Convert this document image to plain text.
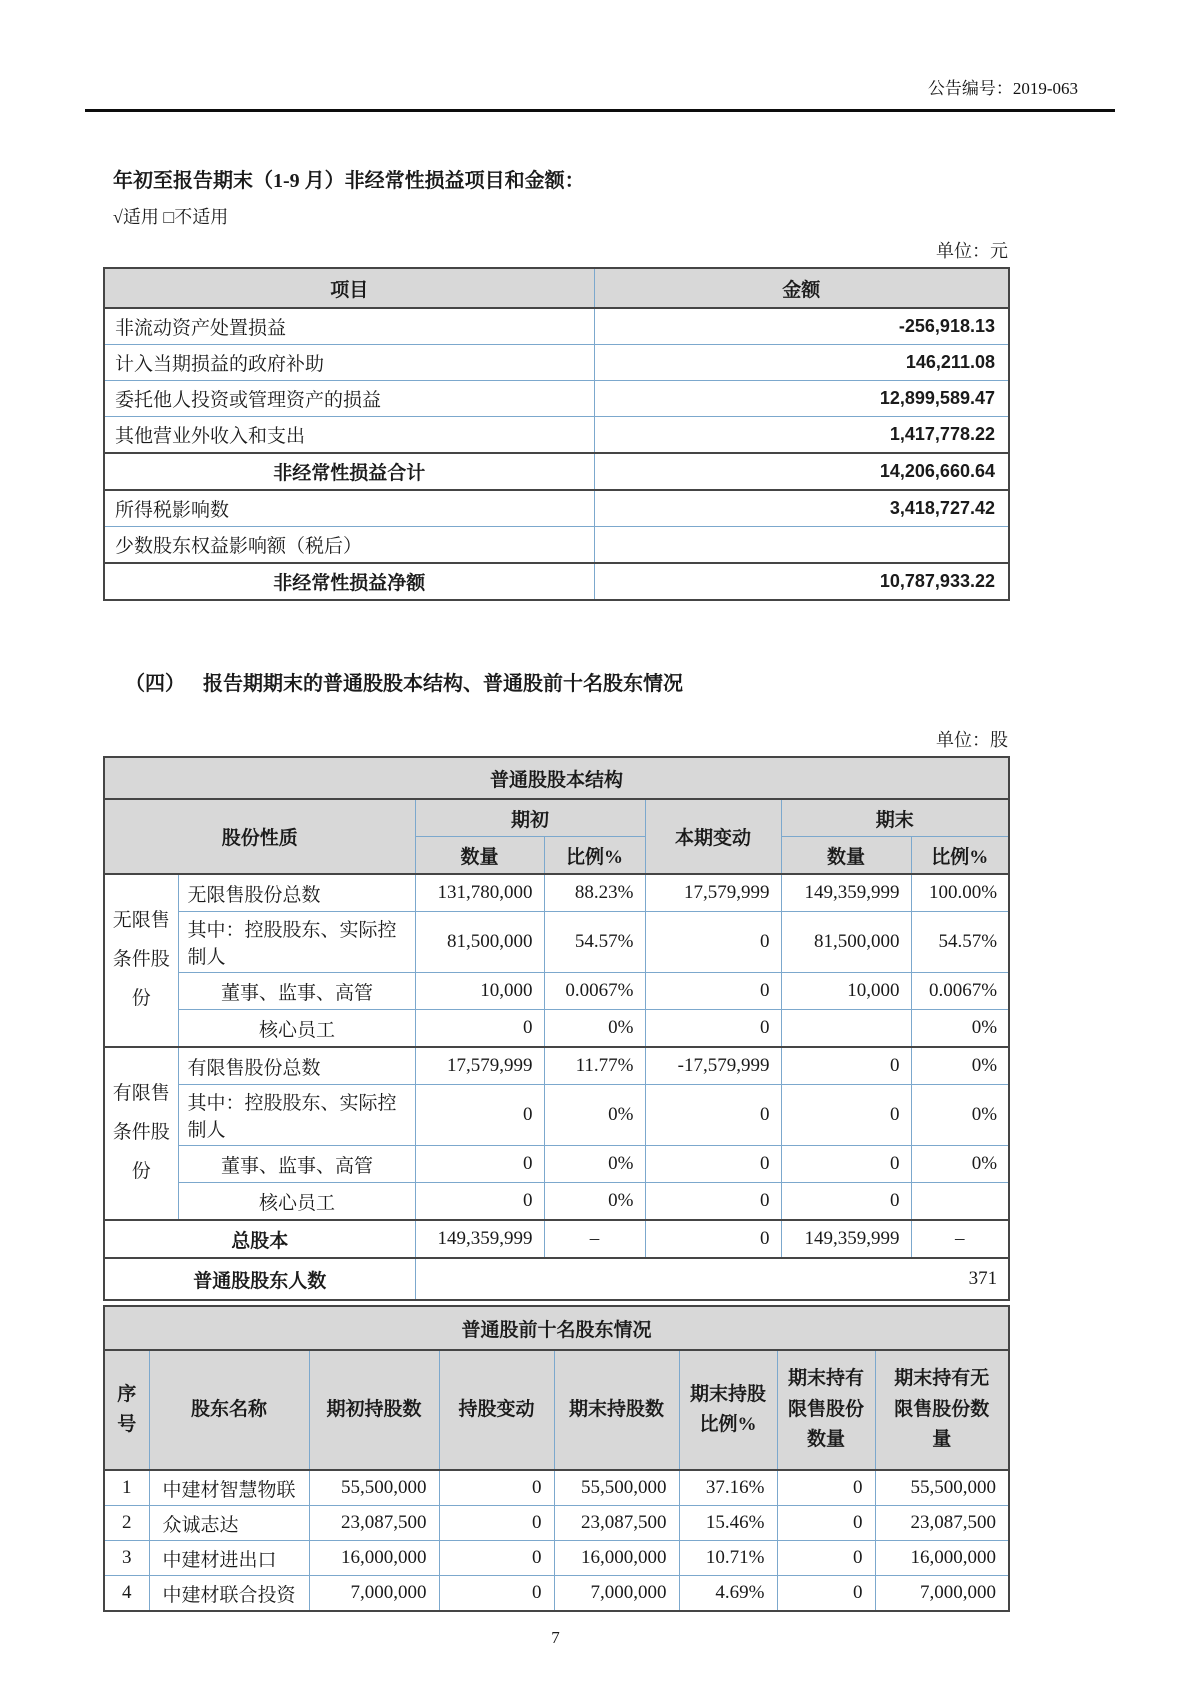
公告编号：2019-063
年初至报告期末（1-9 月）非经常性损益项目和金额：
√适用 □不适用
单位：元
项目	金额
非流动资产处置损益	-256,918.13
计入当期损益的政府补助	146,211.08
委托他人投资或管理资产的损益	12,899,589.47
其他营业外收入和支出	1,417,778.22
非经常性损益合计	14,206,660.64
所得税影响数	3,418,727.42
少数股东权益影响额（税后）	
非经常性损益净额	10,787,933.22
（四） 报告期期末的普通股股本结构、普通股前十名股东情况
单位：股
普通股股本结构						
股份性质		期初		本期变动	期末	
		数量	比例%		数量	比例%
无限售条件股份	无限售股份总数	131,780,000	88.23%	17,579,999	149,359,999	100.00%
	其中：控股股东、实际控制人	81,500,000	54.57%	0	81,500,000	54.57%
	董事、监事、高管	10,000	0.0067%	0	10,000	0.0067%
	核心员工	0	0%	0		0%
有限售条件股份	有限售股份总数	17,579,999	11.77%	-17,579,999	0	0%
	其中：控股股东、实际控制人	0	0%	0	0	0%
	董事、监事、高管	0	0%	0	0	0%
	核心员工	0	0%	0	0	
总股本		149,359,999	–	0	149,359,999	–
普通股股东人数		371				
普通股前十名股东情况							
序号	股东名称	期初持股数	持股变动	期末持股数	期末持股比例%	期末持有限售股份数量	期末持有无限售股份数量
1	中建材智慧物联	55,500,000	0	55,500,000	37.16%	0	55,500,000
2	众诚志达	23,087,500	0	23,087,500	15.46%	0	23,087,500
3	中建材进出口	16,000,000	0	16,000,000	10.71%	0	16,000,000
4	中建材联合投资	7,000,000	0	7,000,000	4.69%	0	7,000,000
7
